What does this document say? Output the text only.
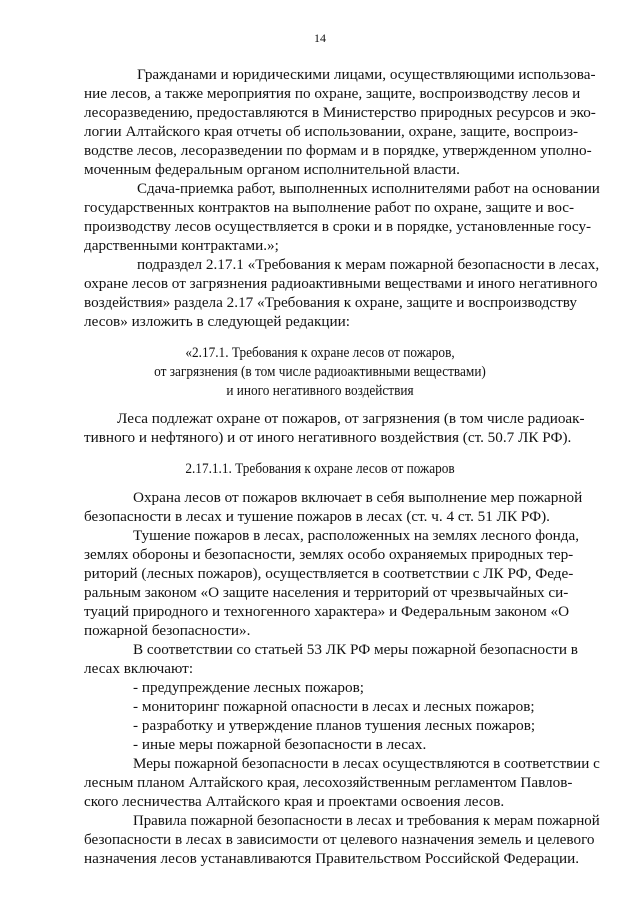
14
Гражданами и юридическими лицами, осуществляющими использова-
ние лесов, а также мероприятия по охране, защите, воспроизводству лесов и
лесоразведению, предоставляются в Министерство природных ресурсов и эко-
логии Алтайского края отчеты об использовании, охране, защите, воспроиз-
водстве лесов, лесоразведении по формам и в порядке, утвержденном уполно-
моченным федеральным органом исполнительной власти.
Сдача-приемка работ, выполненных исполнителями работ на основании
государственных контрактов на выполнение работ по охране, защите и вос-
производству лесов осуществляется в сроки и в порядке, установленные госу-
дарственными контрактами.»;
подраздел 2.17.1 «Требования к мерам пожарной безопасности в лесах,
охране лесов от загрязнения радиоактивными веществами и иного негативного
воздействия» раздела 2.17 «Требования к охране, защите и воспроизводству
лесов» изложить в следующей редакции:
«2.17.1. Требования к охране лесов от пожаров,
от загрязнения (в том числе радиоактивными веществами)
и иного негативного воздействия
Леса подлежат охране от пожаров, от загрязнения (в том числе радиоак-
тивного и нефтяного) и от иного негативного воздействия (ст. 50.7 ЛК РФ).
2.17.1.1. Требования к охране лесов от пожаров
Охрана лесов от пожаров включает в себя выполнение мер пожарной
безопасности в лесах и тушение пожаров в лесах (ст. ч. 4 ст. 51 ЛК РФ).
Тушение пожаров в лесах, расположенных на землях лесного фонда,
землях обороны и безопасности, землях особо охраняемых природных тер-
риторий (лесных пожаров), осуществляется в соответствии с ЛК РФ, Феде-
ральным законом «О защите населения и территорий от чрезвычайных си-
туаций природного и техногенного характера» и Федеральным законом «О
пожарной безопасности».
В соответствии со статьей 53 ЛК РФ меры пожарной безопасности в
лесах включают:
- предупреждение лесных пожаров;
- мониторинг пожарной опасности в лесах и лесных пожаров;
- разработку и утверждение планов тушения лесных пожаров;
- иные меры пожарной безопасности в лесах.
Меры пожарной безопасности в лесах осуществляются в соответствии с
лесным планом Алтайского края, лесохозяйственным регламентом Павлов-
ского лесничества Алтайского края и проектами освоения лесов.
Правила пожарной безопасности в лесах и требования к мерам пожарной
безопасности в лесах в зависимости от целевого назначения земель и целевого
назначения лесов устанавливаются Правительством Российской Федерации.
